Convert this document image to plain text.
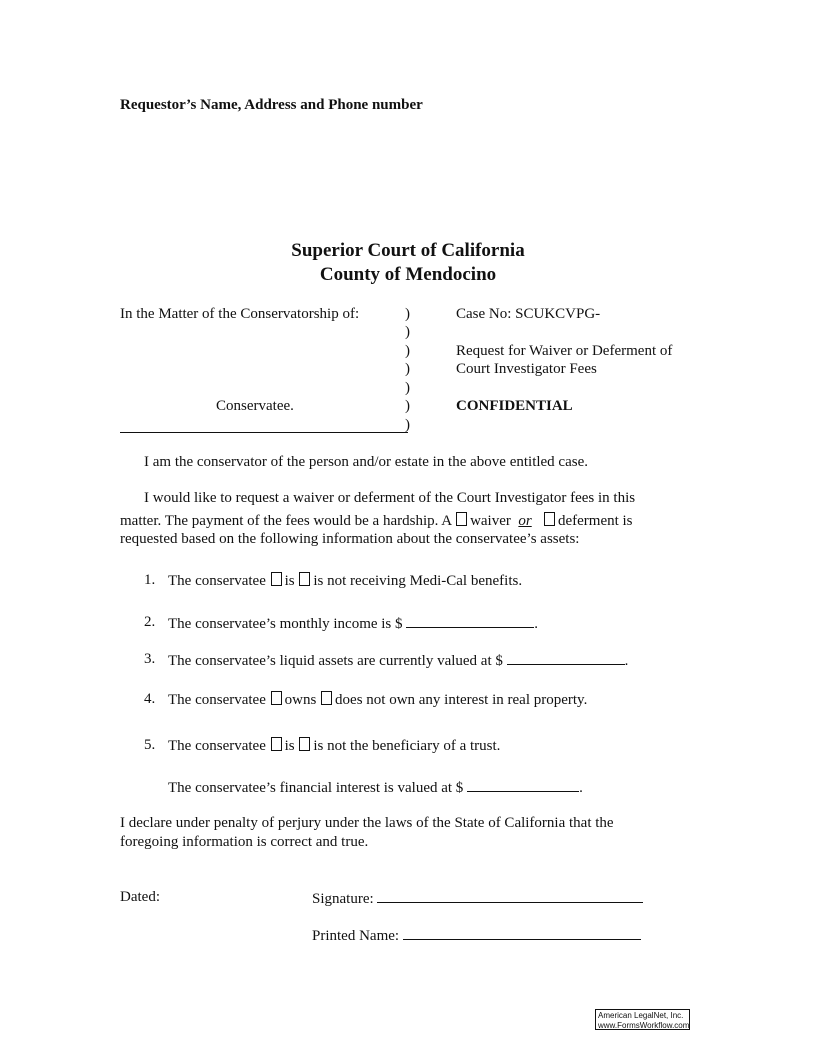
Requestor’s Name, Address and Phone number
Superior Court of California
County of Mendocino
In the Matter of the Conservatorship of:
Conservatee.
)
)
)
)
)
)
)
Case No: SCUKCVPG-
Request for Waiver or Deferment of
Court Investigator Fees
CONFIDENTIAL
I am the conservator of the person and/or estate in the above entitled case.
I would like to request a waiver or deferment of the Court Investigator fees in this
matter. The payment of the fees would be a hardship. A waiver  or deferment is
requested based on the following information about the conservatee’s assets:
1. The conservatee is is not receiving Medi-Cal benefits.
2. The conservatee’s monthly income is $	.
3. The conservatee’s liquid assets are currently valued at $	.
4. The conservatee owns does not own any interest in real property.
5. The conservatee is is not the beneficiary of a trust.
The conservatee’s financial interest is valued at $	.
I declare under penalty of perjury under the laws of the State of California that the
foregoing information is correct and true.
Dated:	Signature:
Printed Name:
American LegalNet, Inc.
www.FormsWorkflow.com
